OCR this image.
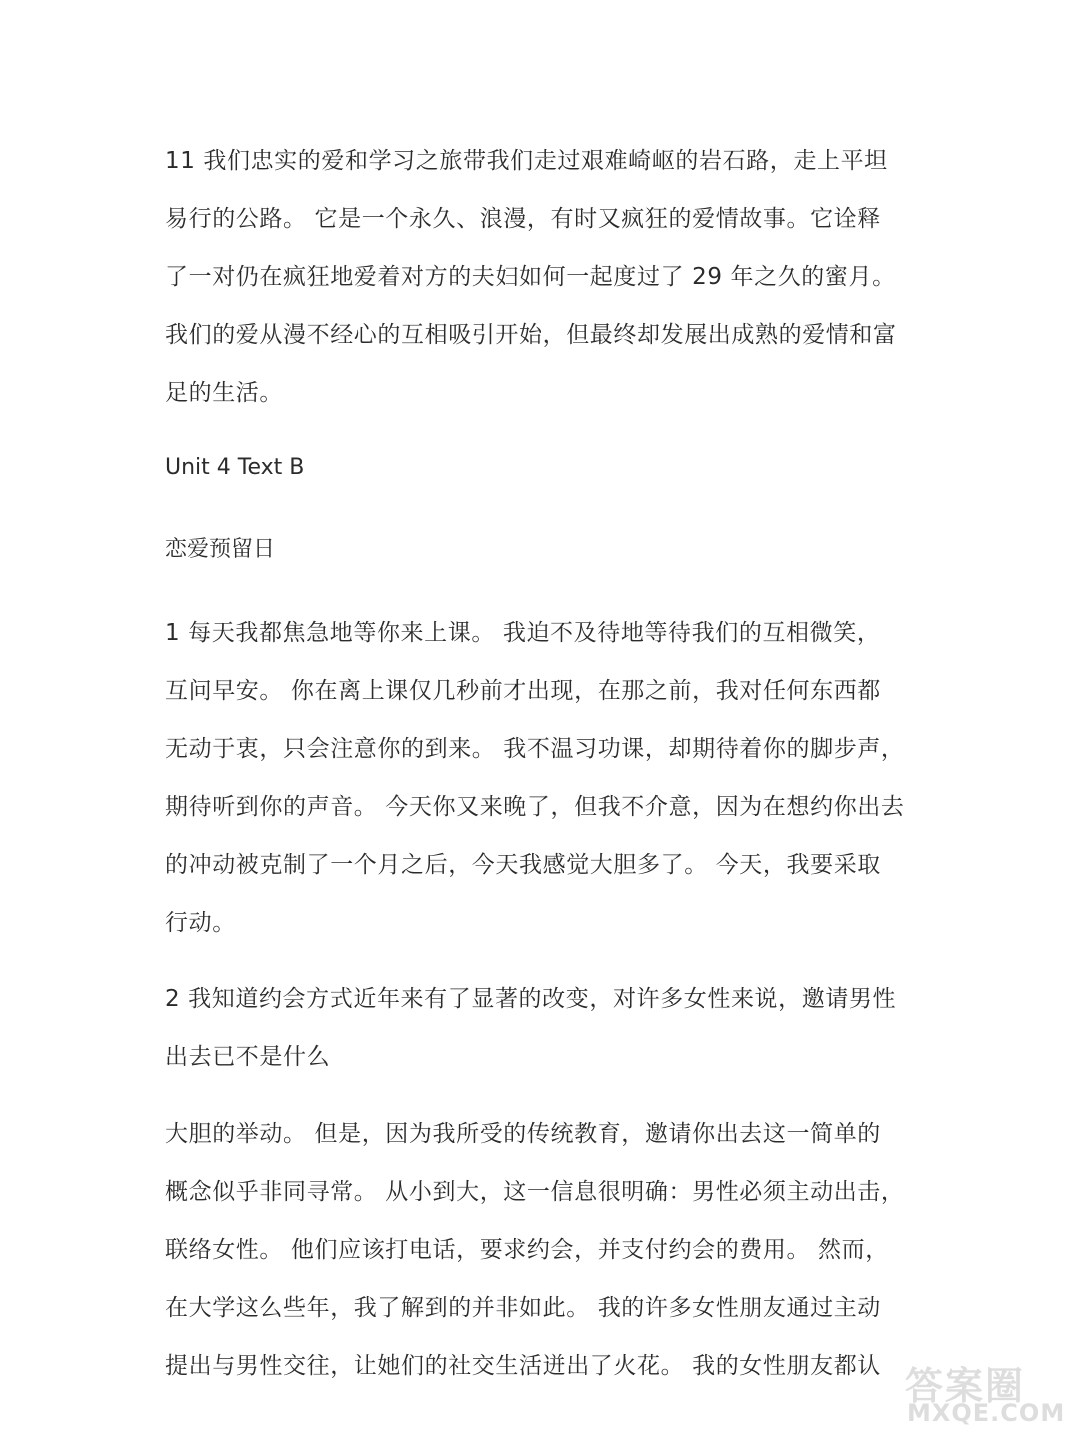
11 我们忠实的爱和学习之旅带我们走过艰难崎岖的岩石路，走上平坦
易行的公路。 它是一个永久、浪漫，有时又疯狂的爱情故事。它诠释
了一对仍在疯狂地爱着对方的夫妇如何一起度过了 29 年之久的蜜月。
我们的爱从漫不经心的互相吸引开始，但最终却发展出成熟的爱情和富
足的生活。
Unit 4 Text B
恋爱预留日
1 每天我都焦急地等你来上课。 我迫不及待地等待我们的互相微笑，
互问早安。 你在离上课仅几秒前才出现，在那之前，我对任何东西都
无动于衷，只会注意你的到来。 我不温习功课，却期待着你的脚步声，
期待听到你的声音。 今天你又来晚了，但我不介意，因为在想约你出去
的冲动被克制了一个月之后，今天我感觉大胆多了。 今天，我要采取
行动。
2 我知道约会方式近年来有了显著的改变，对许多女性来说，邀请男性
出去已不是什么
大胆的举动。 但是，因为我所受的传统教育，邀请你出去这一简单的
概念似乎非同寻常。 从小到大，这一信息很明确：男性必须主动出击，
联络女性。 他们应该打电话，要求约会，并支付约会的费用。 然而，
在大学这么些年，我了解到的并非如此。 我的许多女性朋友通过主动
提出与男性交往，让她们的社交生活迸出了火花。 我的女性朋友都认 答案圈
MXQE.COM
